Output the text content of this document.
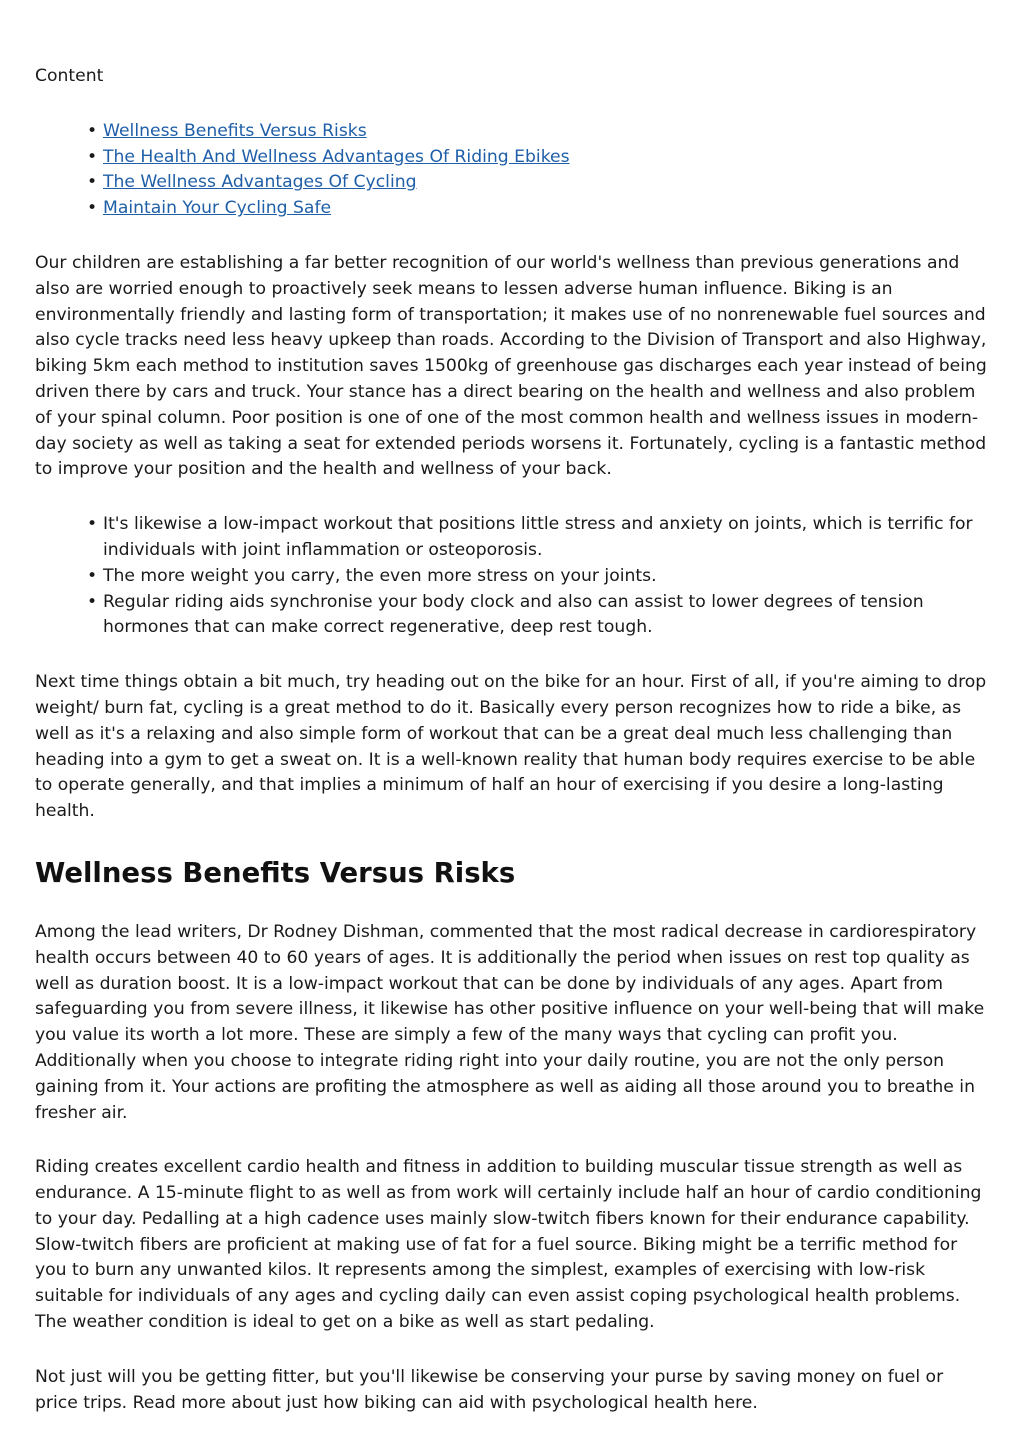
Content
• Wellness Benefits Versus Risks
• The Health And Wellness Advantages Of Riding Ebikes
• The Wellness Advantages Of Cycling
• Maintain Your Cycling Safe

Our children are establishing a far better recognition of our world's wellness than previous generations and also are worried enough to proactively seek means to lessen adverse human influence. Biking is an environmentally friendly and lasting form of transportation; it makes use of no nonrenewable fuel sources and also cycle tracks need less heavy upkeep than roads. According to the Division of Transport and also Highway, biking 5km each method to institution saves 1500kg of greenhouse gas discharges each year instead of being driven there by cars and truck. Your stance has a direct bearing on the health and wellness and also problem of your spinal column. Poor position is one of one of the most common health and wellness issues in modern-day society as well as taking a seat for extended periods worsens it. Fortunately, cycling is a fantastic method to improve your position and the health and wellness of your back.

• It's likewise a low-impact workout that positions little stress and anxiety on joints, which is terrific for individuals with joint inflammation or osteoporosis.
• The more weight you carry, the even more stress on your joints.
• Regular riding aids synchronise your body clock and also can assist to lower degrees of tension hormones that can make correct regenerative, deep rest tough.

Next time things obtain a bit much, try heading out on the bike for an hour. First of all, if you're aiming to drop weight/ burn fat, cycling is a great method to do it. Basically every person recognizes how to ride a bike, as well as it's a relaxing and also simple form of workout that can be a great deal much less challenging than heading into a gym to get a sweat on. It is a well-known reality that human body requires exercise to be able to operate generally, and that implies a minimum of half an hour of exercising if you desire a long-lasting health.

Wellness Benefits Versus Risks

Among the lead writers, Dr Rodney Dishman, commented that the most radical decrease in cardiorespiratory health occurs between 40 to 60 years of ages. It is additionally the period when issues on rest top quality as well as duration boost. It is a low-impact workout that can be done by individuals of any ages. Apart from safeguarding you from severe illness, it likewise has other positive influence on your well-being that will make you value its worth a lot more. These are simply a few of the many ways that cycling can profit you. Additionally when you choose to integrate riding right into your daily routine, you are not the only person gaining from it. Your actions are profiting the atmosphere as well as aiding all those around you to breathe in fresher air.

Riding creates excellent cardio health and fitness in addition to building muscular tissue strength as well as endurance. A 15-minute flight to as well as from work will certainly include half an hour of cardio conditioning to your day. Pedalling at a high cadence uses mainly slow-twitch fibers known for their endurance capability. Slow-twitch fibers are proficient at making use of fat for a fuel source. Biking might be a terrific method for you to burn any unwanted kilos. It represents among the simplest, examples of exercising with low-risk suitable for individuals of any ages and cycling daily can even assist coping psychological health problems. The weather condition is ideal to get on a bike as well as start pedaling.

Not just will you be getting fitter, but you'll likewise be conserving your purse by saving money on fuel or price trips. Read more about just how biking can aid with psychological health here.
